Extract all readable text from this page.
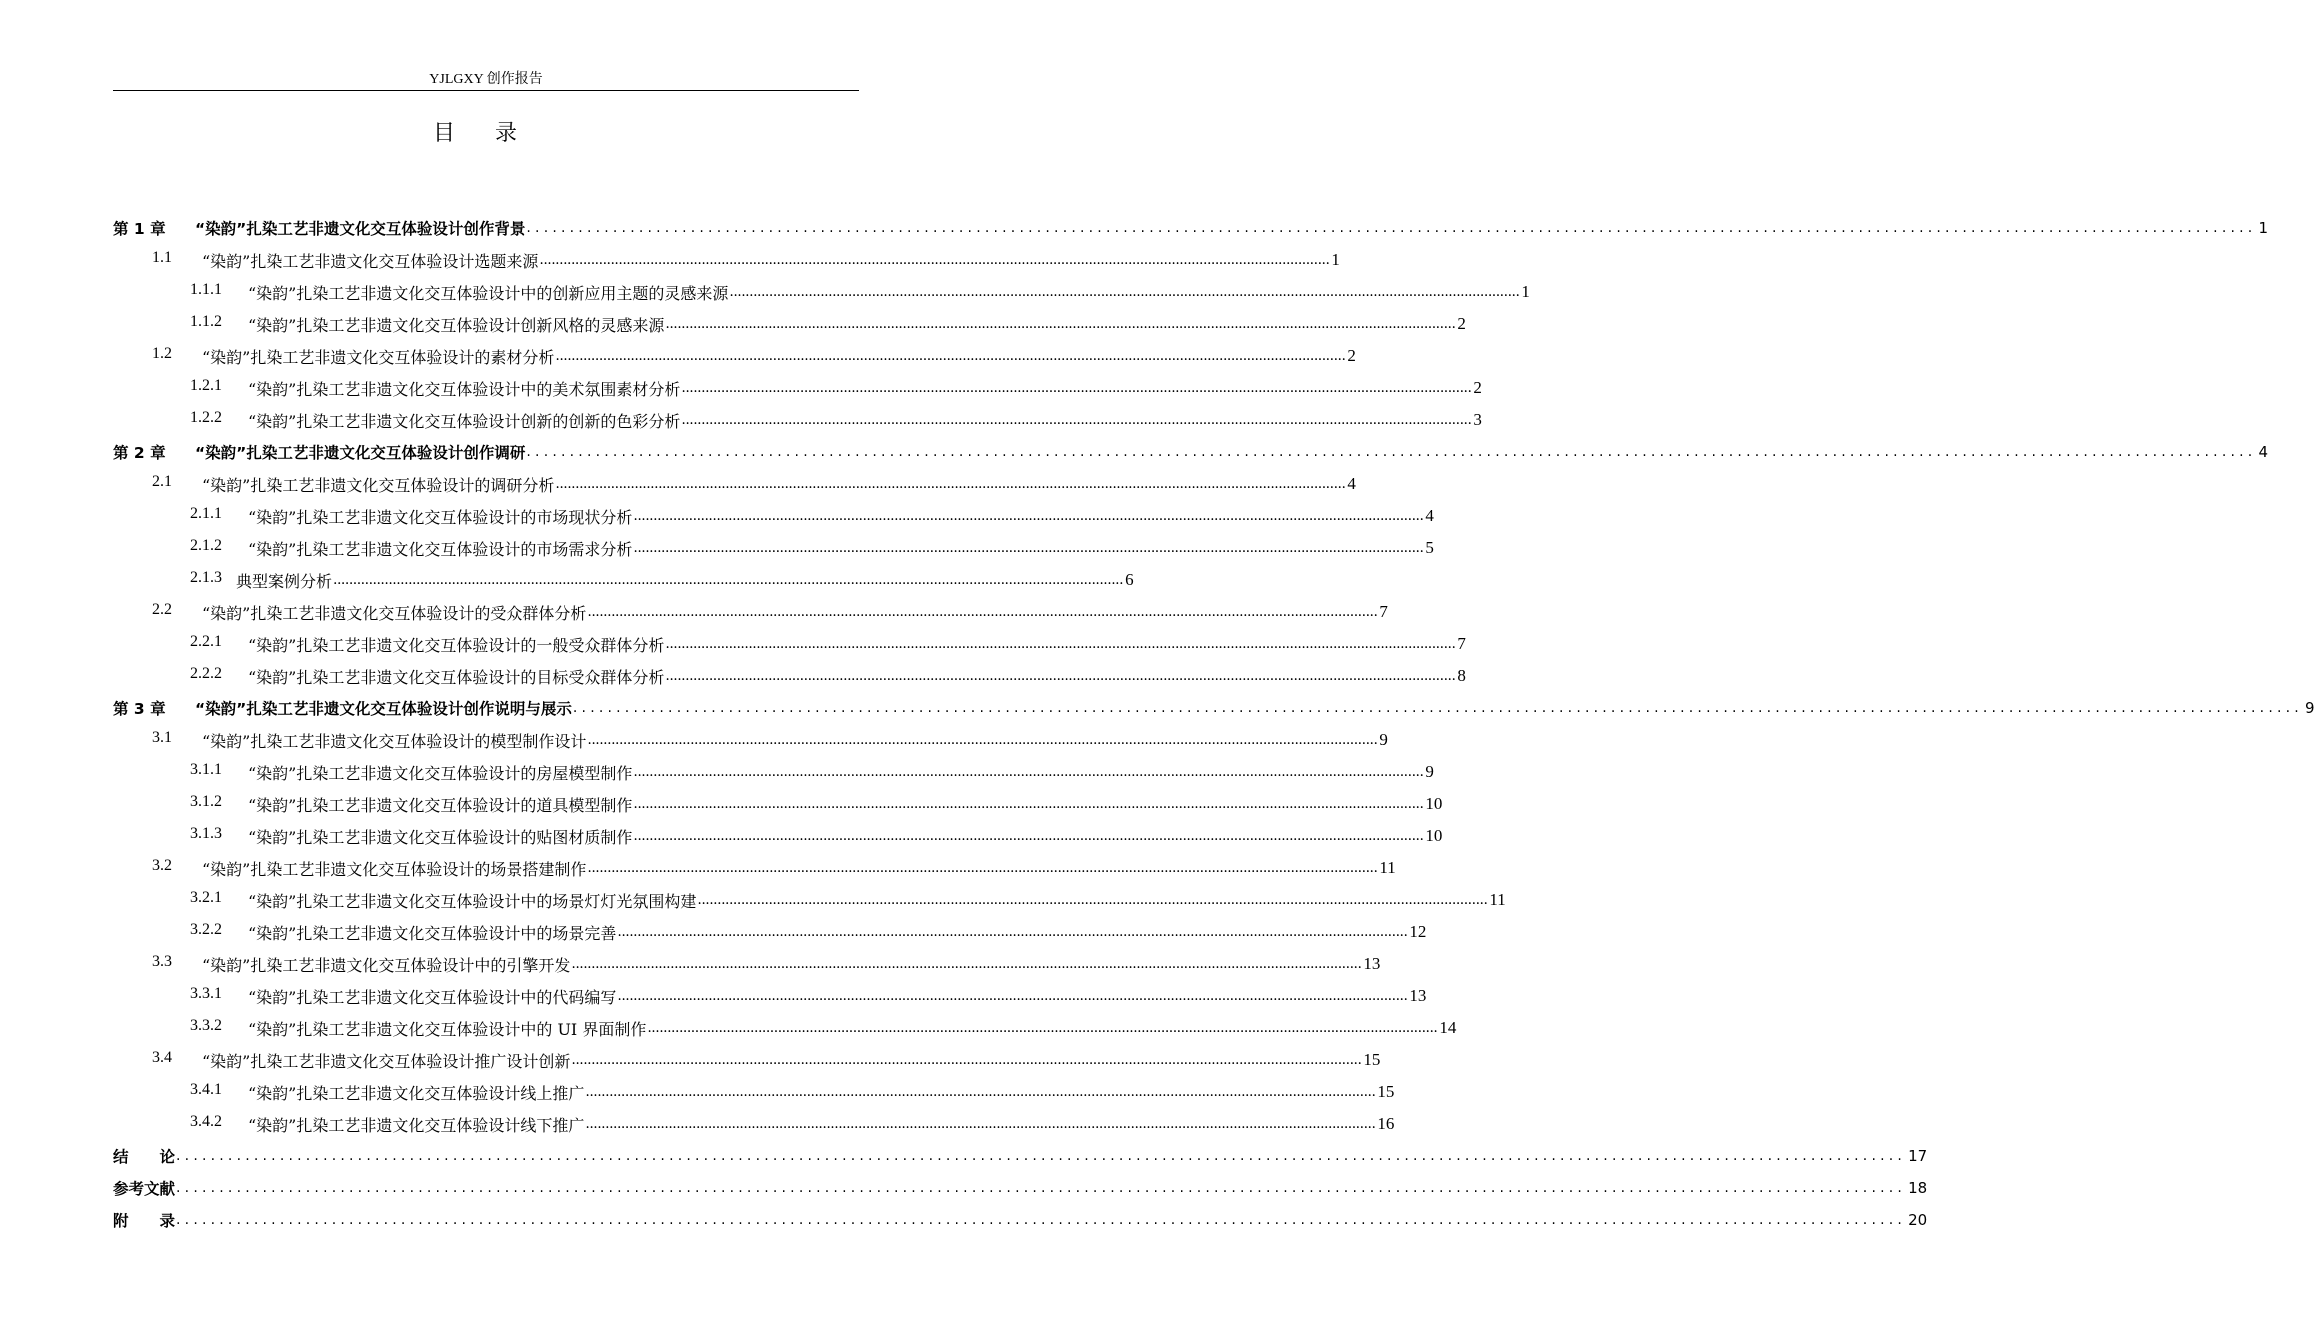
YJLGXY 创作报告
目录
第 1 章	“染韵”扎染工艺非遗文化交互体验设计创作背景 ........................................................................................................................................................................................................ 1
1.1	“染韵”扎染工艺非遗文化交互体验设计选题来源 ........................................................................................................................................................................................................ 1
1.1.1	“染韵”扎染工艺非遗文化交互体验设计中的创新应用主题的灵感来源 ........................................................................................................................................................................................................ 1
1.1.2	“染韵”扎染工艺非遗文化交互体验设计创新风格的灵感来源 ........................................................................................................................................................................................................ 2
1.2	“染韵”扎染工艺非遗文化交互体验设计的素材分析 ........................................................................................................................................................................................................ 2
1.2.1	“染韵”扎染工艺非遗文化交互体验设计中的美术氛围素材分析 ........................................................................................................................................................................................................ 2
1.2.2	“染韵”扎染工艺非遗文化交互体验设计创新的创新的色彩分析 ........................................................................................................................................................................................................ 3
第 2 章	“染韵”扎染工艺非遗文化交互体验设计创作调研 ........................................................................................................................................................................................................ 4
2.1	“染韵”扎染工艺非遗文化交互体验设计的调研分析 ........................................................................................................................................................................................................ 4
2.1.1	“染韵”扎染工艺非遗文化交互体验设计的市场现状分析 ........................................................................................................................................................................................................ 4
2.1.2	“染韵”扎染工艺非遗文化交互体验设计的市场需求分析 ........................................................................................................................................................................................................ 5
2.1.3 典型案例分析 ........................................................................................................................................................................................................ 6
2.2	“染韵”扎染工艺非遗文化交互体验设计的受众群体分析 ........................................................................................................................................................................................................ 7
2.2.1	“染韵”扎染工艺非遗文化交互体验设计的一般受众群体分析 ........................................................................................................................................................................................................ 7
2.2.2	“染韵”扎染工艺非遗文化交互体验设计的目标受众群体分析 ........................................................................................................................................................................................................ 8
第 3 章	“染韵”扎染工艺非遗文化交互体验设计创作说明与展示 ........................................................................................................................................................................................................ 9
3.1	“染韵”扎染工艺非遗文化交互体验设计的模型制作设计 ........................................................................................................................................................................................................ 9
3.1.1	“染韵”扎染工艺非遗文化交互体验设计的房屋模型制作 ........................................................................................................................................................................................................ 9
3.1.2	“染韵”扎染工艺非遗文化交互体验设计的道具模型制作 ........................................................................................................................................................................................................ 10
3.1.3	“染韵”扎染工艺非遗文化交互体验设计的贴图材质制作 ........................................................................................................................................................................................................ 10
3.2	“染韵”扎染工艺非遗文化交互体验设计的场景搭建制作 ........................................................................................................................................................................................................ 11
3.2.1	“染韵”扎染工艺非遗文化交互体验设计中的场景灯灯光氛围构建 ........................................................................................................................................................................................................ 11
3.2.2	“染韵”扎染工艺非遗文化交互体验设计中的场景完善 ........................................................................................................................................................................................................ 12
3.3	“染韵”扎染工艺非遗文化交互体验设计中的引擎开发 ........................................................................................................................................................................................................ 13
3.3.1	“染韵”扎染工艺非遗文化交互体验设计中的代码编写 ........................................................................................................................................................................................................ 13
3.3.2	“染韵”扎染工艺非遗文化交互体验设计中的 UI 界面制作 ........................................................................................................................................................................................................ 14
3.4	“染韵”扎染工艺非遗文化交互体验设计推广设计创新 ........................................................................................................................................................................................................ 15
3.4.1	“染韵”扎染工艺非遗文化交互体验设计线上推广 ........................................................................................................................................................................................................ 15
3.4.2	“染韵”扎染工艺非遗文化交互体验设计线下推广 ........................................................................................................................................................................................................ 16
结　　论 ........................................................................................................................................................................................................ 17
参考文献 ........................................................................................................................................................................................................ 18
附　　录 ........................................................................................................................................................................................................ 20
